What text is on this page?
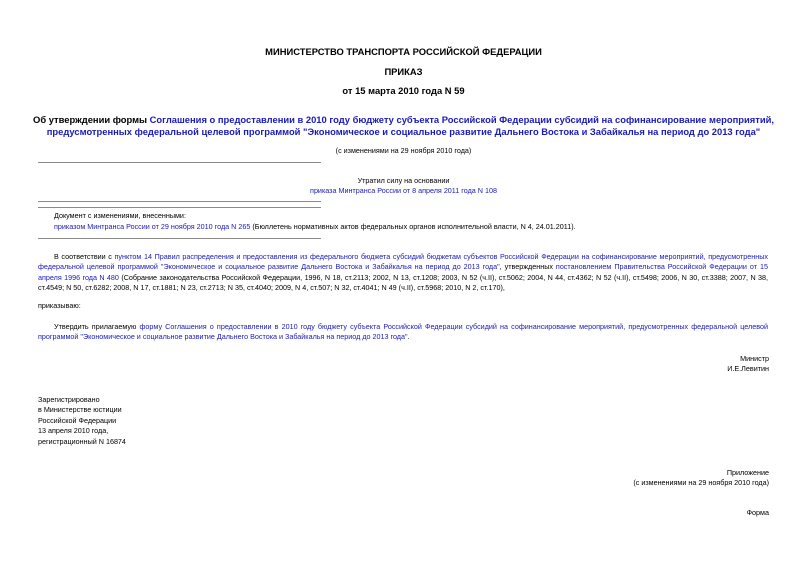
МИНИСТЕРСТВО ТРАНСПОРТА РОССИЙСКОЙ ФЕДЕРАЦИИ
ПРИКАЗ
от 15 марта 2010 года N 59
Об утверждении формы Соглашения о предоставлении в 2010 году бюджету субъекта Российской Федерации субсидий на софинансирование мероприятий,
предусмотренных федеральной целевой программой "Экономическое и социальное развитие Дальнего Востока и Забайкалья на период до 2013 года"
(с изменениями на 29 ноября 2010 года)
Утратил силу на основании
приказа Минтранса России от 8 апреля 2011 года N 108
Документ с изменениями, внесенными:
приказом Минтранса России от 29 ноября 2010 года N 265 (Бюллетень нормативных актов федеральных органов исполнительной власти, N 4, 24.01.2011).
В соответствии с пунктом 14 Правил распределения и предоставления из федерального бюджета субсидий бюджетам субъектов Российской Федерации на софинансирование мероприятий, предусмотренных федеральной целевой программой "Экономическое и социальное развитие Дальнего Востока и Забайкалья на период до 2013 года", утвержденных постановлением Правительства Российской Федерации от 15 апреля 1996 года N 480 (Собрание законодательства Российской Федерации, 1996, N 18, ст.2113; 2002, N 13, ст.1208; 2003, N 52 (ч.II), ст.5062; 2004, N 44, ст.4362; N 52 (ч.II), ст.5498; 2006, N 30, ст.3388; 2007, N 38, ст.4549; N 50, ст.6282; 2008, N 17, ст.1881; N 23, ст.2713; N 35, ст.4040; 2009, N 4, ст.507; N 32, ст.4041; N 49 (ч.II), ст.5968; 2010, N 2, ст.170),
приказываю:
Утвердить прилагаемую форму Соглашения о предоставлении в 2010 году бюджету субъекта Российской Федерации субсидий на софинансирование мероприятий, предусмотренных федеральной целевой программой "Экономическое и социальное развитие Дальнего Востока и Забайкалья на период до 2013 года".
Министр
И.Е.Левитин
Зарегистрировано
в Министерстве юстиции
Российской Федерации
13 апреля 2010 года,
регистрационный N 16874
Приложение
(с изменениями на 29 ноября 2010 года)
Форма
